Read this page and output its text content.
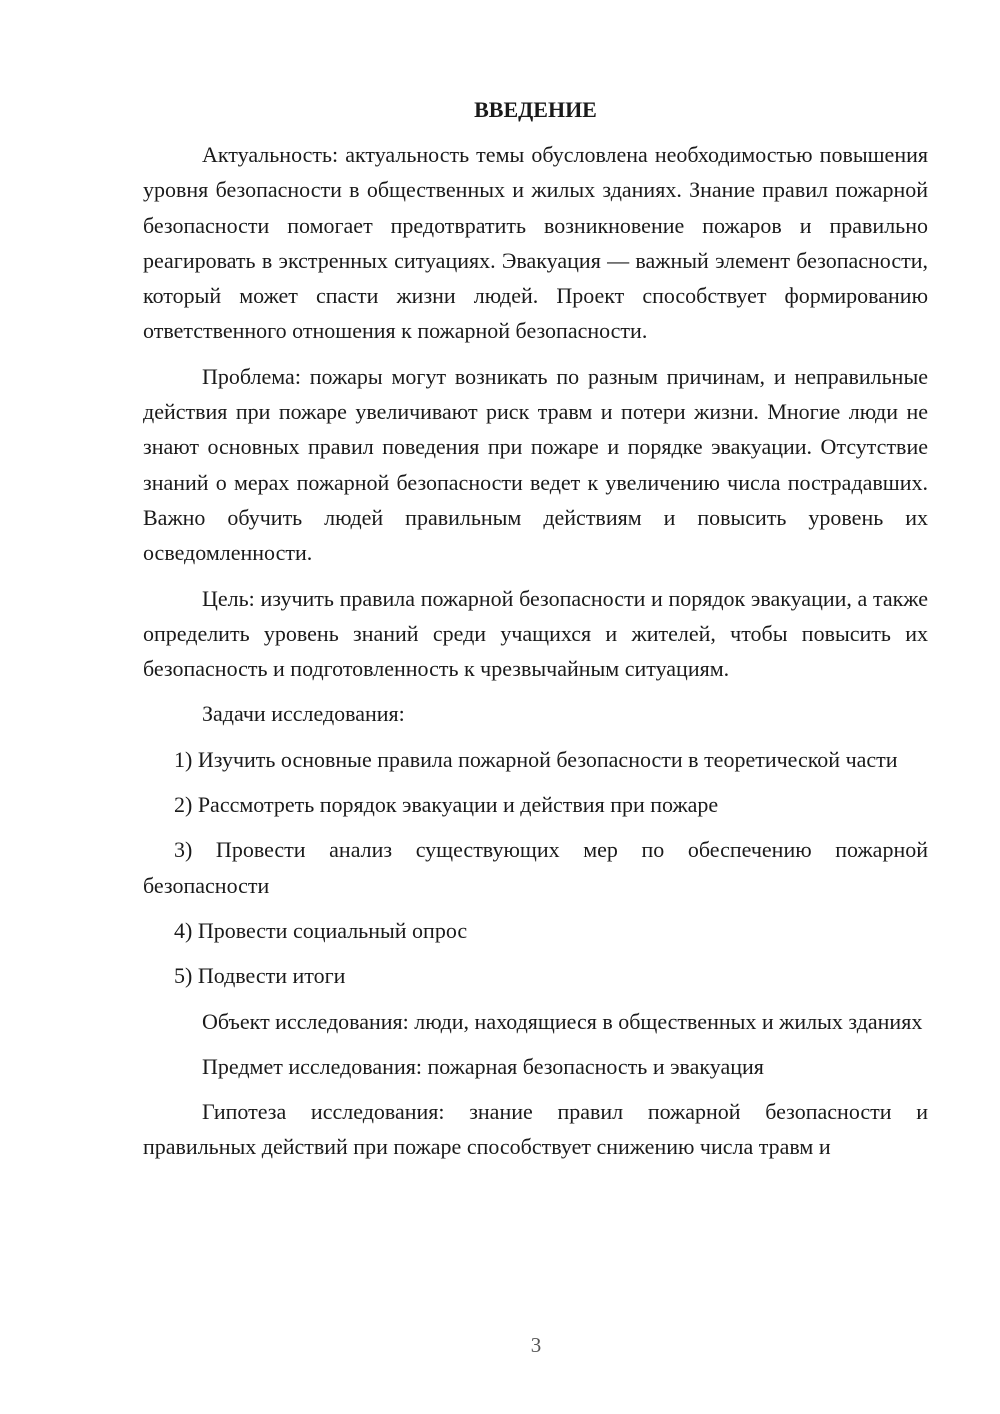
ВВЕДЕНИЕ

Актуальность: актуальность темы обусловлена необходимостью повышения уровня безопасности в общественных и жилых зданиях. Знание правил пожарной безопасности помогает предотвратить возникновение пожаров и правильно реагировать в экстренных ситуациях. Эвакуация — важный элемент безопасности, который может спасти жизни людей. Проект способствует формированию ответственного отношения к пожарной безопасности.

Проблема: пожары могут возникать по разным причинам, и неправильные действия при пожаре увеличивают риск травм и потери жизни. Многие люди не знают основных правил поведения при пожаре и порядке эвакуации. Отсутствие знаний о мерах пожарной безопасности ведет к увеличению числа пострадавших. Важно обучить людей правильным действиям и повысить уровень их осведомленности.

Цель: изучить правила пожарной безопасности и порядок эвакуации, а также определить уровень знаний среди учащихся и жителей, чтобы повысить их безопасность и подготовленность к чрезвычайным ситуациям.

Задачи исследования:

1) Изучить основные правила пожарной безопасности в теоретической части

2) Рассмотреть порядок эвакуации и действия при пожаре

3) Провести анализ существующих мер по обеспечению пожарной безопасности

4) Провести социальный опрос

5) Подвести итоги

Объект исследования: люди, находящиеся в общественных и жилых зданиях

Предмет исследования: пожарная безопасность и эвакуация

Гипотеза исследования: знание правил пожарной безопасности и правильных действий при пожаре способствует снижению числа травм и

3
